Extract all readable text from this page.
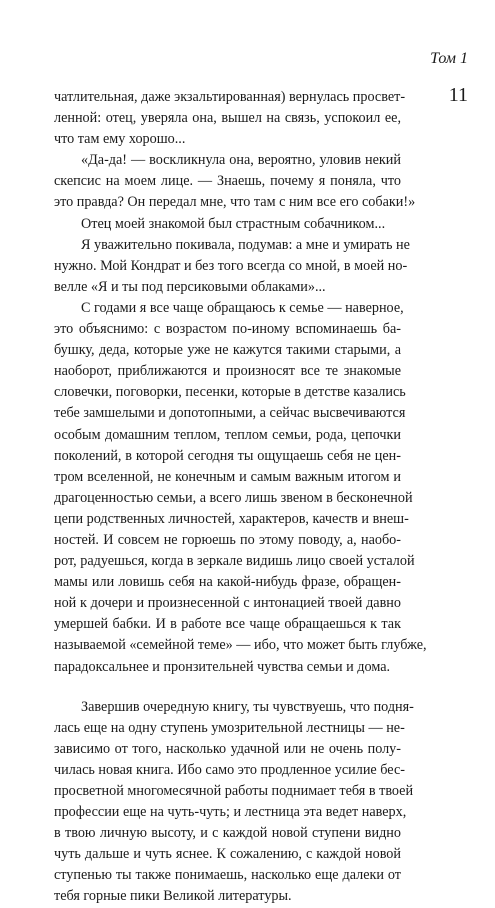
Том 1
11
чатлительная, даже экзальтированная) вернулась просвет-
ленной: отец, уверяла она, вышел на связь, успокоил ее,
что там ему хорошо...
«Да-да! — воскликнула она, вероятно, уловив некий
скепсис на моем лице. — Знаешь, почему я поняла, что
это правда? Он передал мне, что там с ним все его собаки!»
Отец моей знакомой был страстным собачником...
Я уважительно покивала, подумав: а мне и умирать не
нужно. Мой Кондрат и без того всегда со мной, в моей но-
велле «Я и ты под персиковыми облаками»...
С годами я все чаще обращаюсь к семье — наверное,
это объяснимо: с возрастом по-иному вспоминаешь ба-
бушку, деда, которые уже не кажутся такими старыми, а
наоборот, приближаются и произносят все те знакомые
словечки, поговорки, песенки, которые в детстве казались
тебе замшелыми и допотопными, а сейчас высвечиваются
особым домашним теплом, теплом семьи, рода, цепочки
поколений, в которой сегодня ты ощущаешь себя не цен-
тром вселенной, не конечным и самым важным итогом и
драгоценностью семьи, а всего лишь звеном в бесконечной
цепи родственных личностей, характеров, качеств и внеш-
ностей. И совсем не горюешь по этому поводу, а, наобо-
рот, радуешься, когда в зеркале видишь лицо своей усталой
мамы или ловишь себя на какой-нибудь фразе, обращен-
ной к дочери и произнесенной с интонацией твоей давно
умершей бабки. И в работе все чаще обращаешься к так
называемой «семейной теме» — ибо, что может быть глубже,
парадоксальнее и пронзительней чувства семьи и дома.
Завершив очередную книгу, ты чувствуешь, что подня-
лась еще на одну ступень умозрительной лестницы — не-
зависимо от того, насколько удачной или не очень полу-
чилась новая книга. Ибо само это продленное усилие бес-
просветной многомесячной работы поднимает тебя в твоей
профессии еще на чуть-чуть; и лестница эта ведет наверх,
в твою личную высоту, и с каждой новой ступени видно
чуть дальше и чуть яснее. К сожалению, с каждой новой
ступенью ты также понимаешь, насколько еще далеки от
тебя горные пики Великой литературы.
